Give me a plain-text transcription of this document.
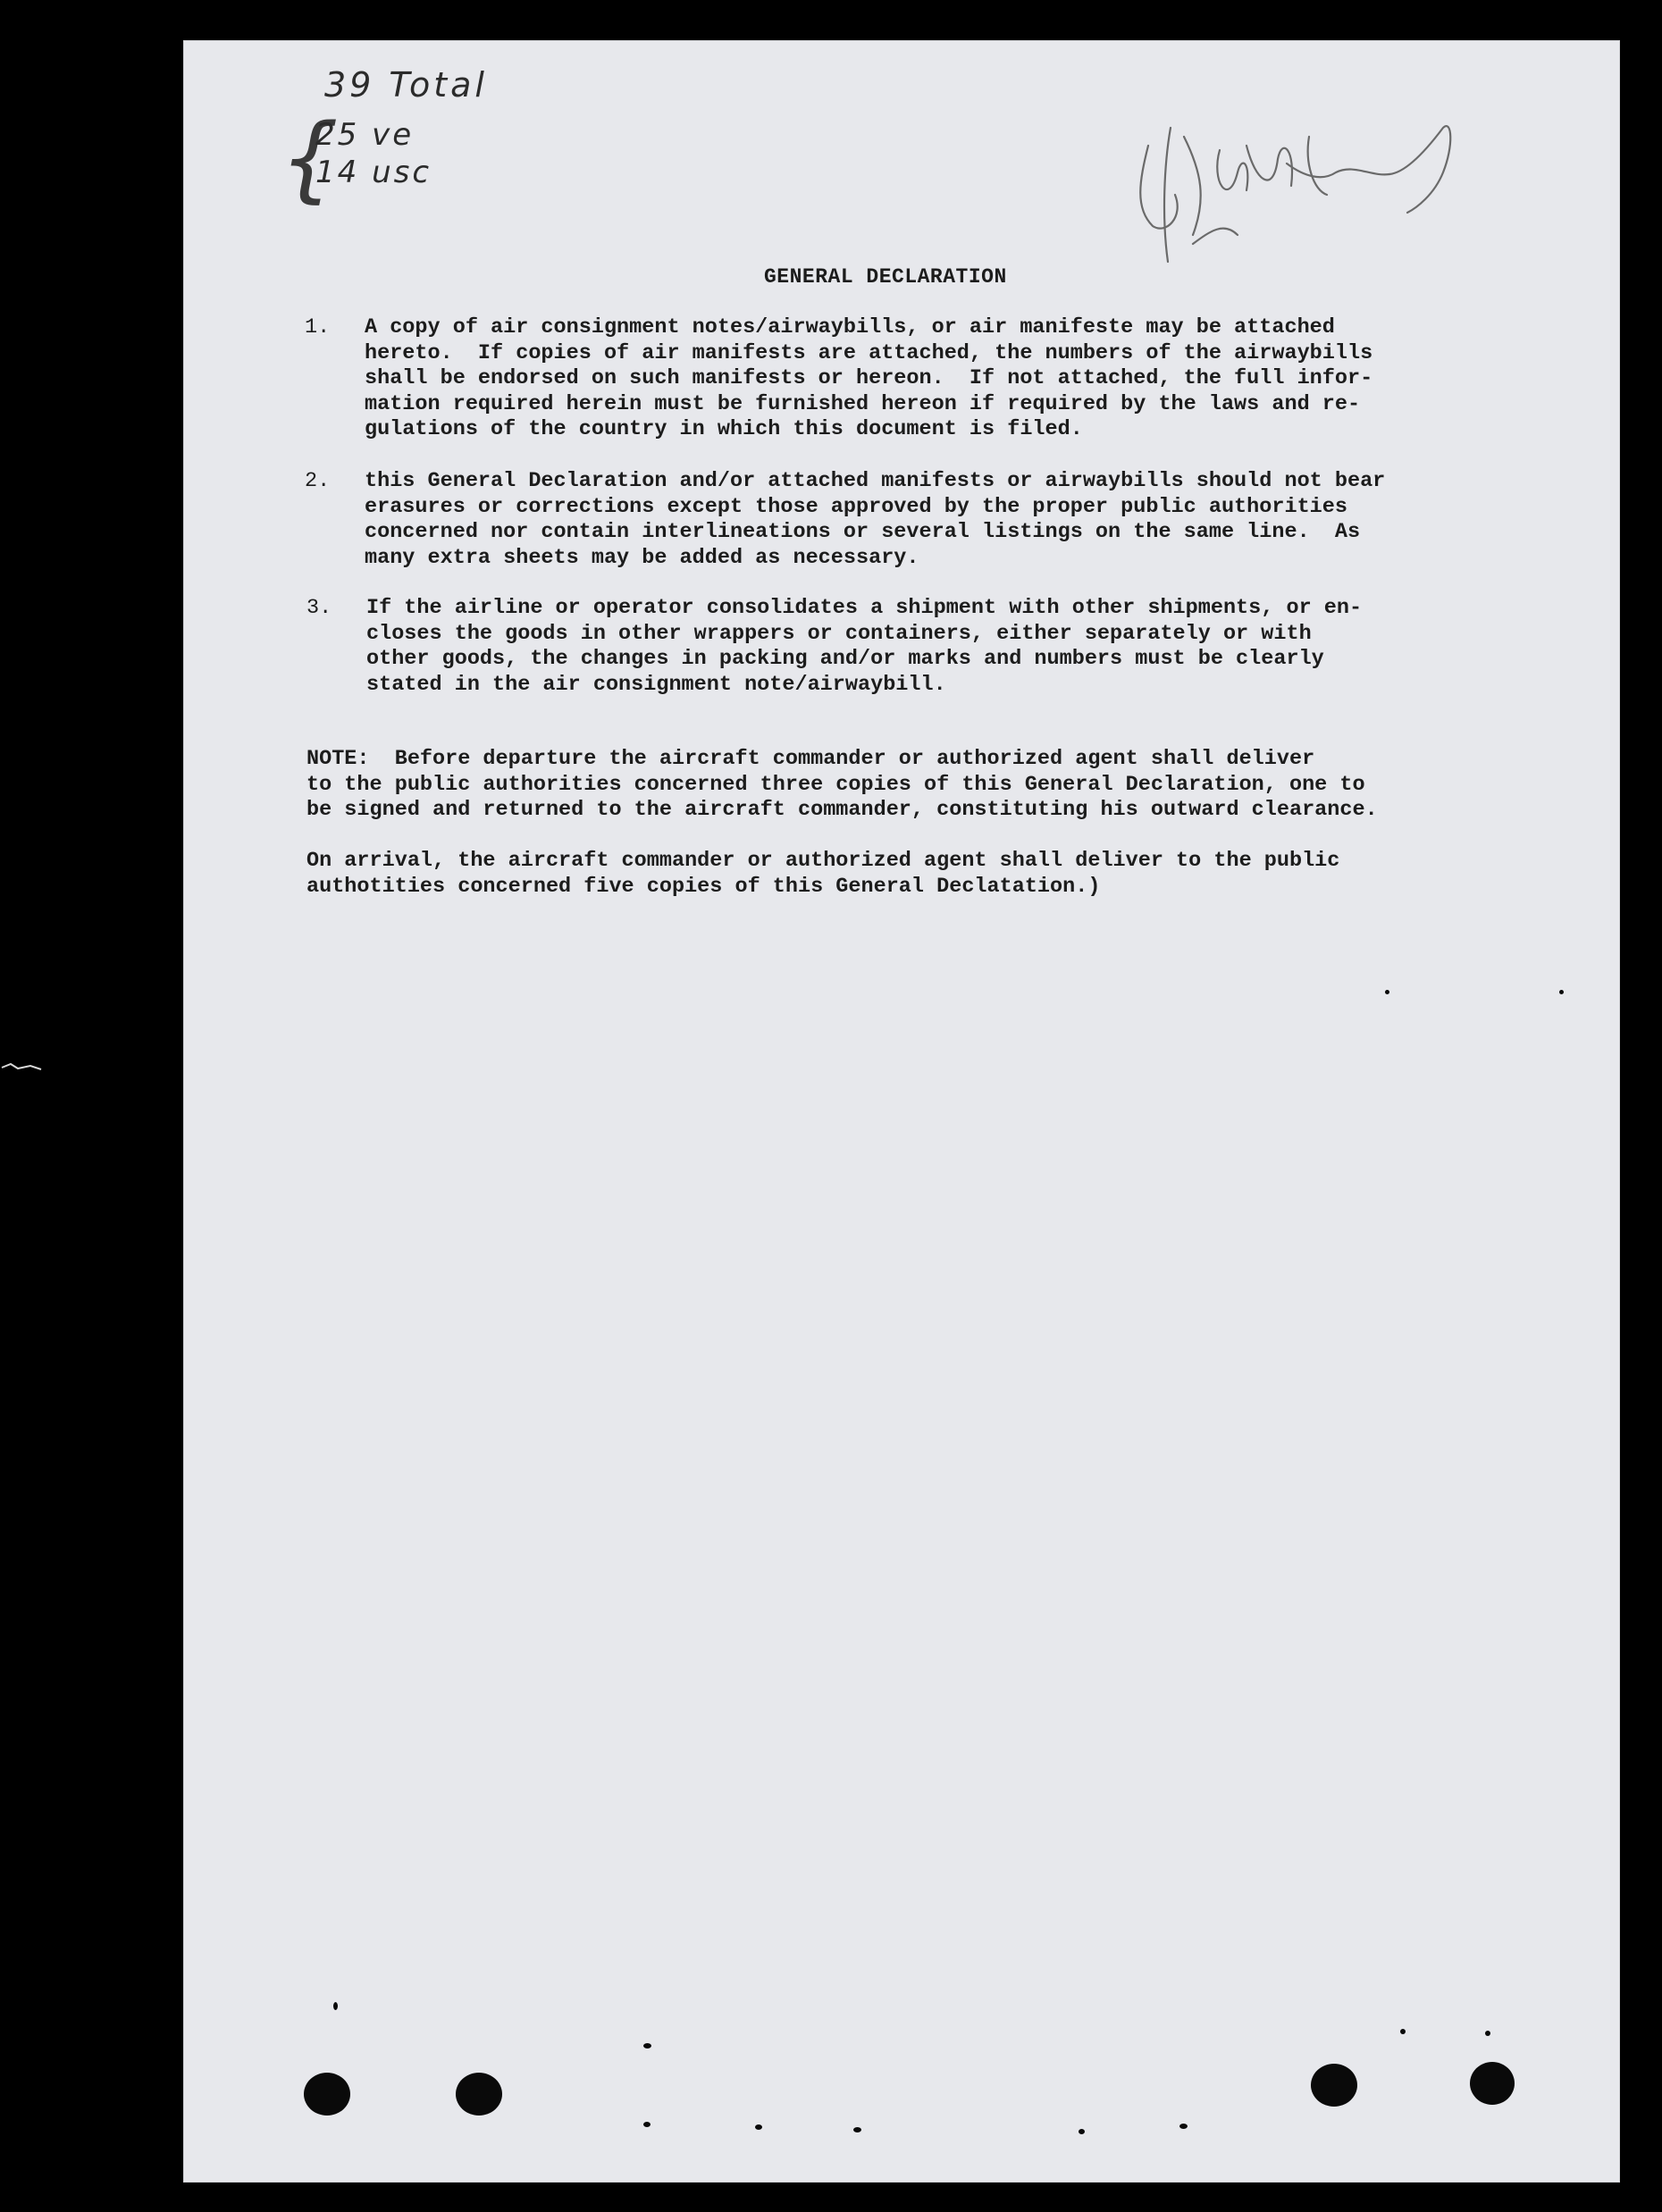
39 Total
{
25 ve
14 usc
GENERAL DECLARATION
1. A copy of air consignment notes/airwaybills, or air manifeste may be attached
hereto.  If copies of air manifests are attached, the numbers of the airwaybills
shall be endorsed on such manifests or hereon.  If not attached, the full infor-
mation required herein must be furnished hereon if required by the laws and re-
gulations of the country in which this document is filed.
2. this General Declaration and/or attached manifests or airwaybills should not bear
erasures or corrections except those approved by the proper public authorities
concerned nor contain interlineations or several listings on the same line.  As
many extra sheets may be added as necessary.
3. If the airline or operator consolidates a shipment with other shipments, or en-
closes the goods in other wrappers or containers, either separately or with
other goods, the changes in packing and/or marks and numbers must be clearly
stated in the air consignment note/airwaybill.
NOTE:  Before departure the aircraft commander or authorized agent shall deliver
to the public authorities concerned three copies of this General Declaration, one to
be signed and returned to the aircraft commander, constituting his outward clearance.
On arrival, the aircraft commander or authorized agent shall deliver to the public
authotities concerned five copies of this General Declatation.)
